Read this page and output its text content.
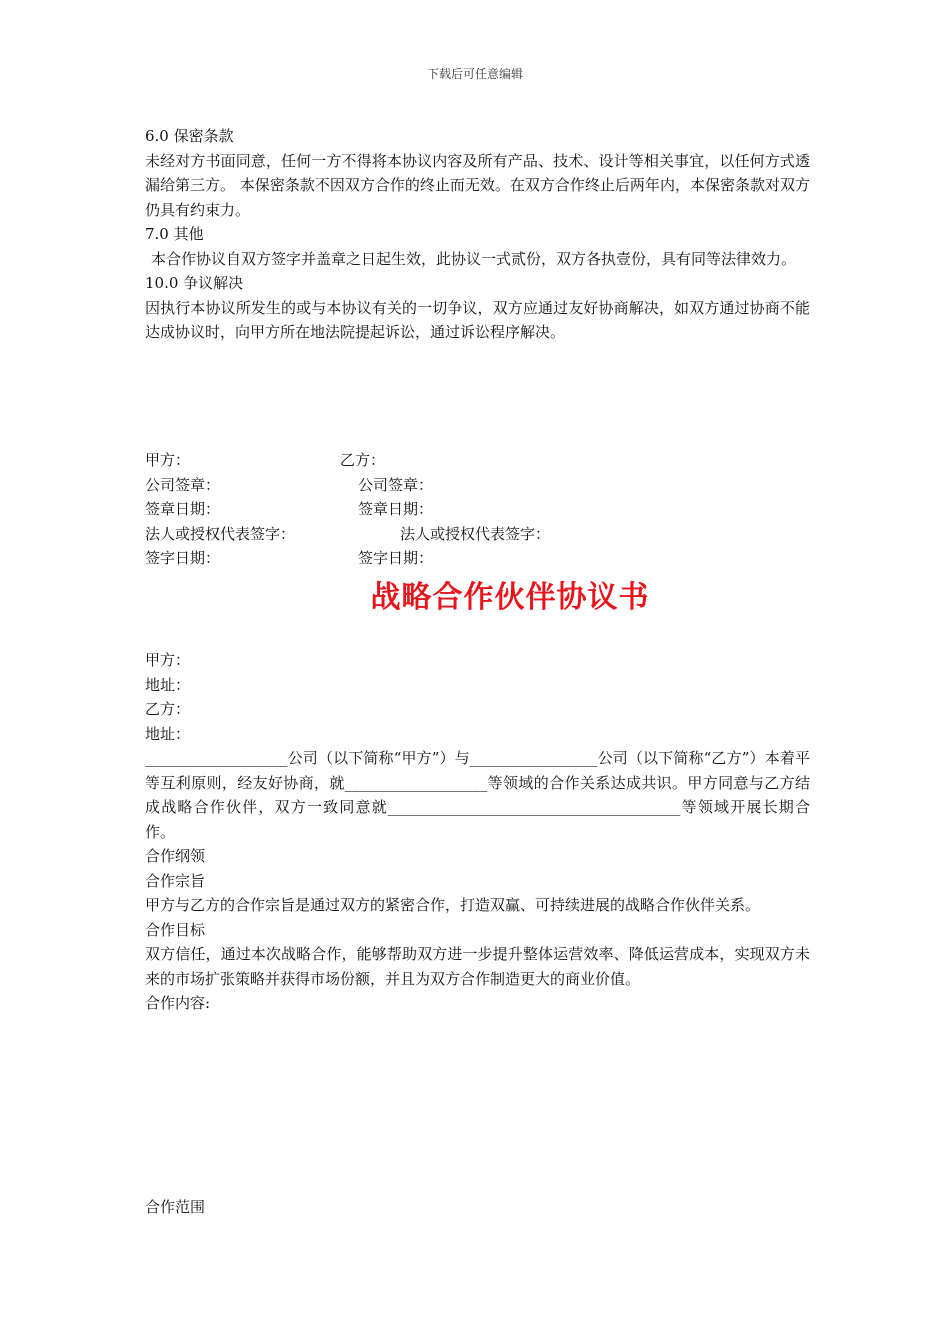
下载后可任意编辑
6.0 保密条款
未经对方书面同意，任何一方不得将本协议内容及所有产品、技术、设计等相关事宜，以任何方式透漏给第三方。 本保密条款不因双方合作的终止而无效。在双方合作终止后两年内，本保密条款对双方仍具有约束力。
7.0 其他
本合作协议自双方签字并盖章之日起生效，此协议一式贰份，双方各执壹份，具有同等法律效力。
10.0 争议解决
因执行本协议所发生的或与本协议有关的一切争议，双方应通过友好协商解决，如双方通过协商不能达成协议时，向甲方所在地法院提起诉讼，通过诉讼程序解决。
甲方：	乙方：
公司签章：	公司签章：
签章日期：	签章日期：
法人或授权代表签字：	法人或授权代表签字：
签字日期：	签字日期：
战略合作伙伴协议书
甲方：
地址：
乙方：
地址：
___________________公司（以下简称“甲方”）与_________________公司（以下简称“乙方”）本着平等互利原则，经友好协商，就___________________等领域的合作关系达成共识。甲方同意与乙方结成战略合作伙伴，双方一致同意就_______________________________________等领域开展长期合作。
合作纲领
合作宗旨
甲方与乙方的合作宗旨是通过双方的紧密合作，打造双赢、可持续进展的战略合作伙伴关系。
合作目标
双方信任，通过本次战略合作，能够帮助双方进一步提升整体运营效率、降低运营成本，实现双方未来的市场扩张策略并获得市场份额，并且为双方合作制造更大的商业价值。
合作内容:
合作范围
